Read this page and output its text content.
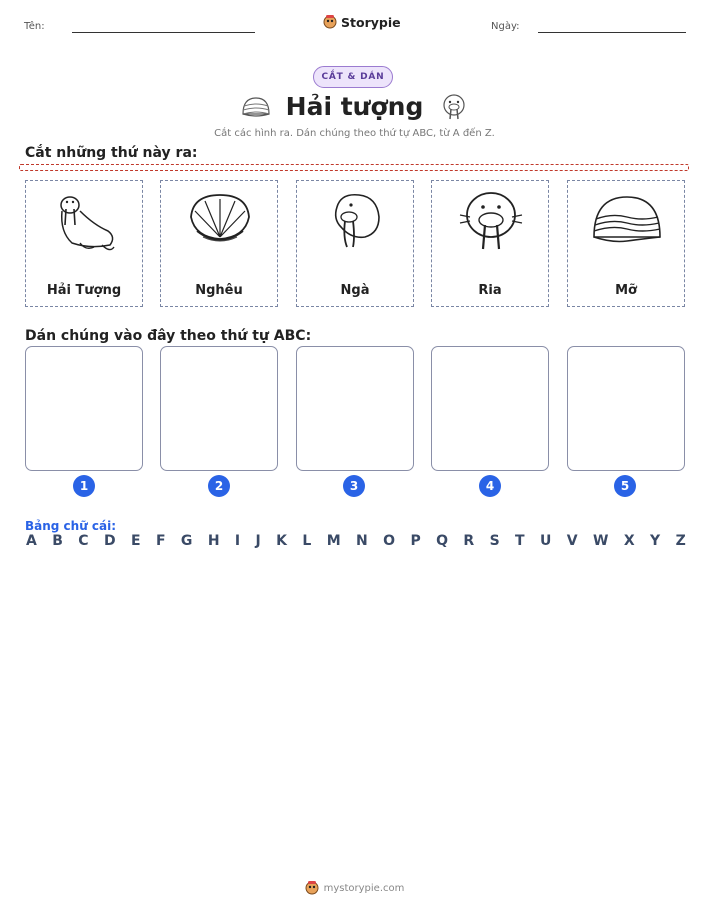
Tên:	Storypie	Ngày:
CẮT & DÁN
Hải tượng
Cắt các hình ra. Dán chúng theo thứ tự ABC, từ A đến Z.
Cắt những thứ này ra:
Hải Tượng	Nghêu	Ngà	Ria	Mỡ
Dán chúng vào đây theo thứ tự ABC:
1	2	3	4	5
Bảng chữ cái:
A B C D E F G H I J K L M N O P Q R S T U V W X Y Z
mystorypie.com
